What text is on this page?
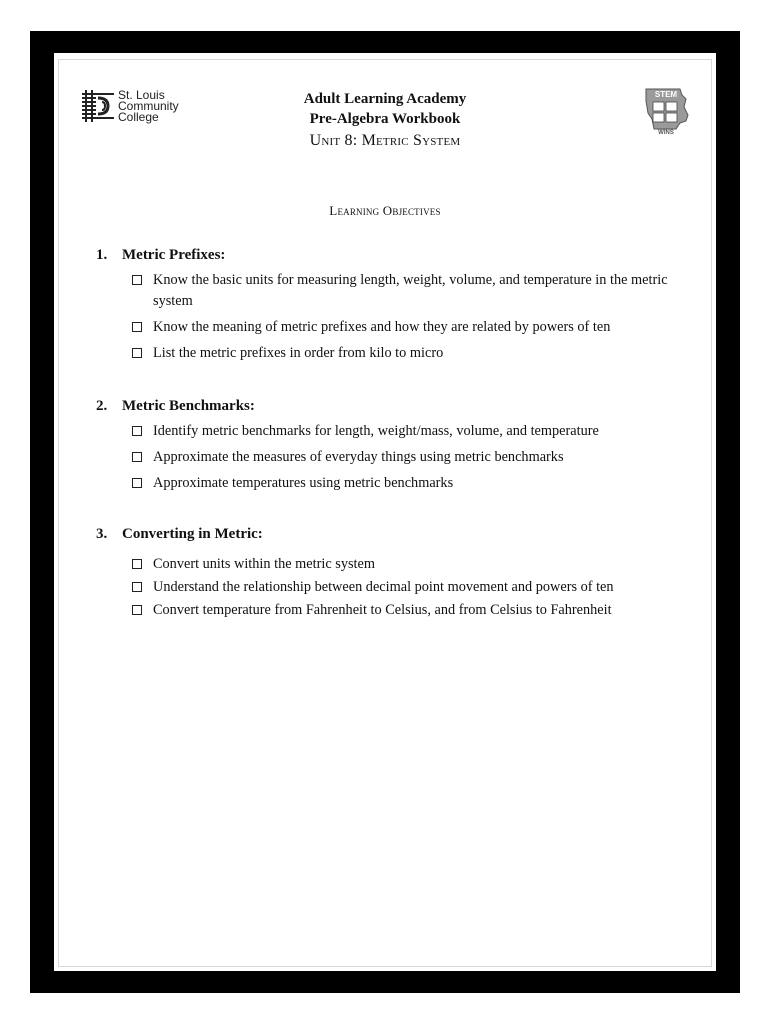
St. Louis
Community
College
STEM
WINS
Adult Learning Academy
Pre-Algebra Workbook
Unit 8: Metric System
Learning Objectives
1. Metric Prefixes:
Know the basic units for measuring length, weight, volume, and temperature in the metric system
Know the meaning of metric prefixes and how they are related by powers of ten
List the metric prefixes in order from kilo to micro
2. Metric Benchmarks:
Identify metric benchmarks for length, weight/mass, volume, and temperature
Approximate the measures of everyday things using metric benchmarks
Approximate temperatures using metric benchmarks
3. Converting in Metric:
Convert units within the metric system
Understand the relationship between decimal point movement and powers of ten
Convert temperature from Fahrenheit to Celsius, and from Celsius to Fahrenheit
